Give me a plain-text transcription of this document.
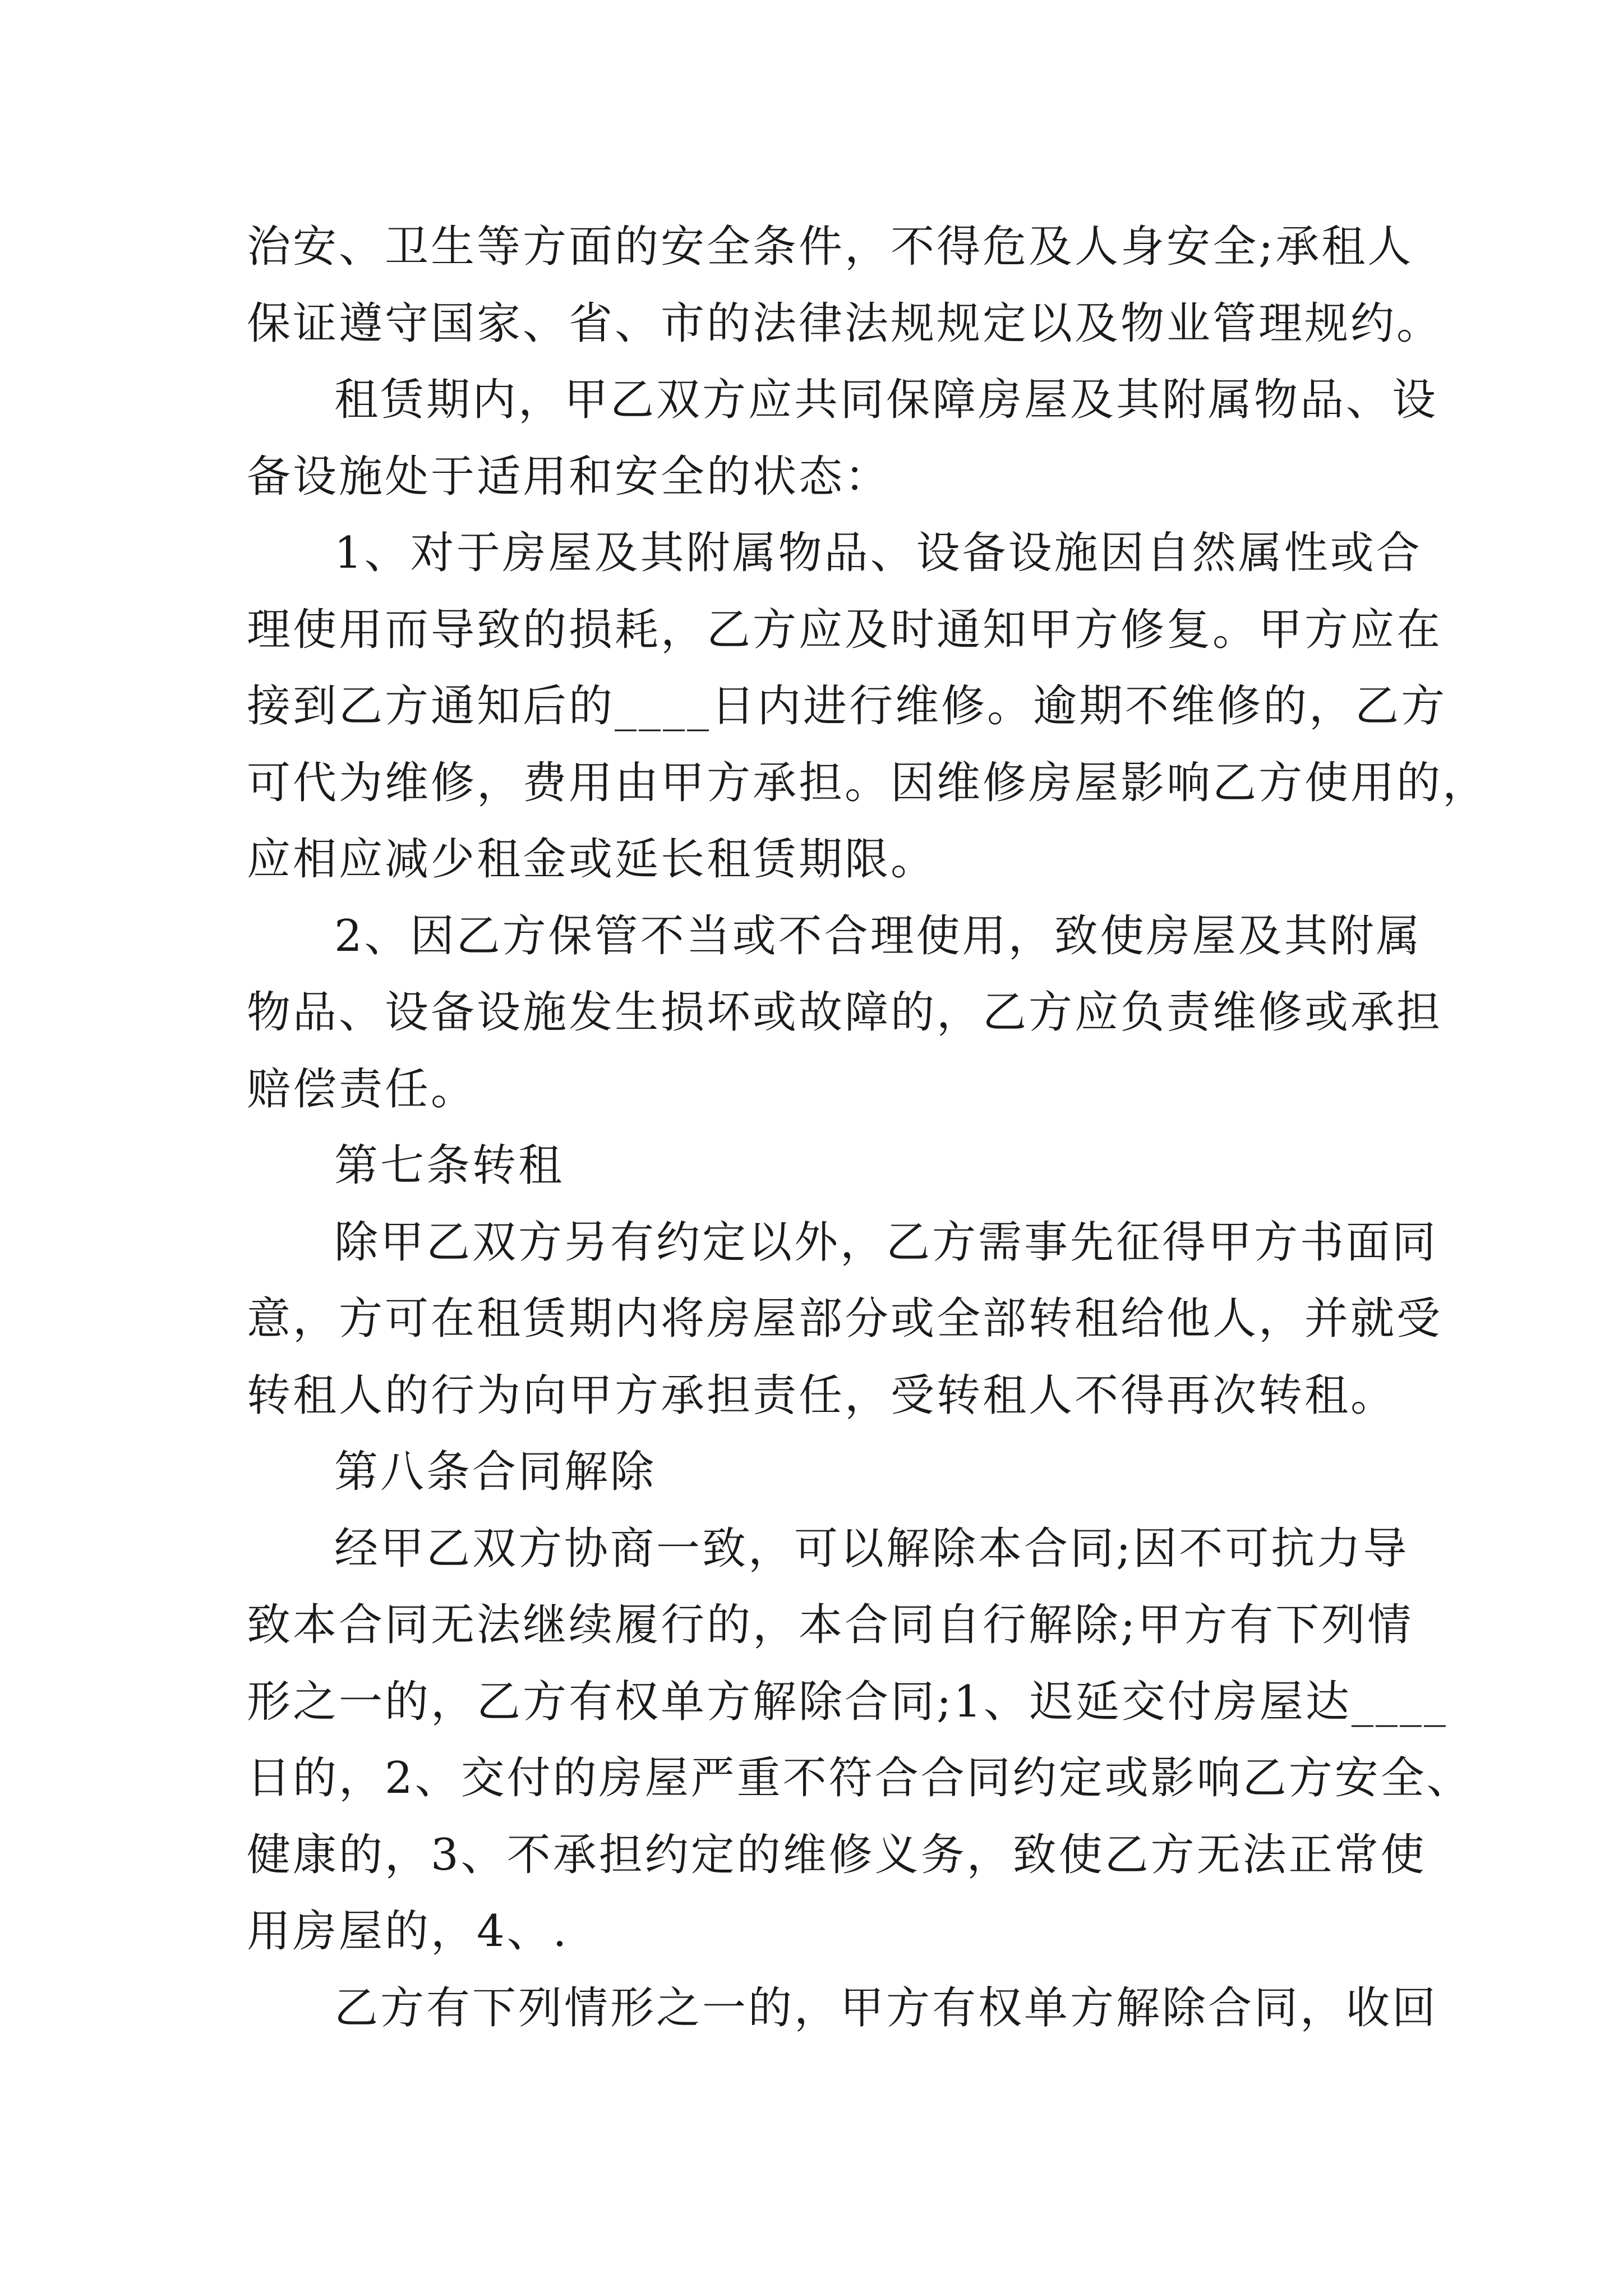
治安、卫生等方面的安全条件，不得危及人身安全;承租人
保证遵守国家、省、市的法律法规规定以及物业管理规约。

租赁期内，甲乙双方应共同保障房屋及其附属物品、设
备设施处于适用和安全的状态：

1、对于房屋及其附属物品、设备设施因自然属性或合
理使用而导致的损耗，乙方应及时通知甲方修复。甲方应在
接到乙方通知后的____日内进行维修。逾期不维修的，乙方
可代为维修，费用由甲方承担。因维修房屋影响乙方使用的，
应相应减少租金或延长租赁期限。

2、因乙方保管不当或不合理使用，致使房屋及其附属
物品、设备设施发生损坏或故障的，乙方应负责维修或承担
赔偿责任。

第七条转租

除甲乙双方另有约定以外，乙方需事先征得甲方书面同
意，方可在租赁期内将房屋部分或全部转租给他人，并就受
转租人的行为向甲方承担责任，受转租人不得再次转租。

第八条合同解除

经甲乙双方协商一致，可以解除本合同;因不可抗力导
致本合同无法继续履行的，本合同自行解除;甲方有下列情
形之一的，乙方有权单方解除合同;1、迟延交付房屋达____
日的，2、交付的房屋严重不符合合同约定或影响乙方安全、
健康的，3、不承担约定的维修义务，致使乙方无法正常使
用房屋的，4、.

乙方有下列情形之一的，甲方有权单方解除合同，收回
